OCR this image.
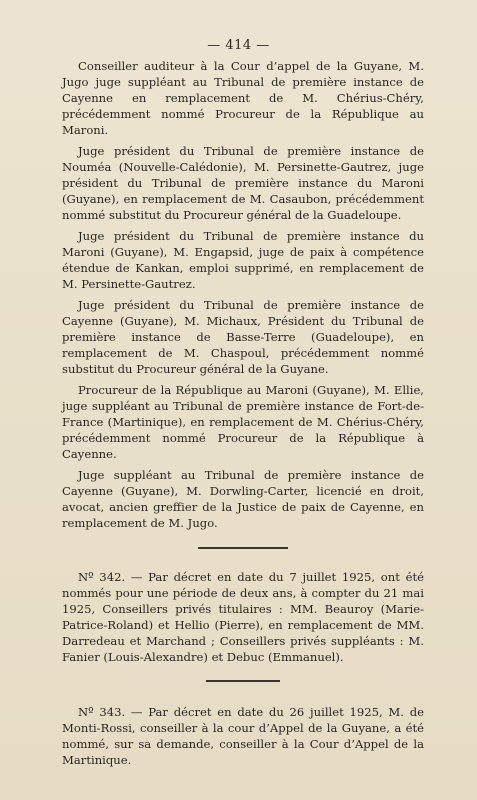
— 414 —

Conseiller auditeur à la Cour d’appel de la Guyane, M. Jugo juge suppléant au Tribunal de première instance de Cayenne en remplacement de M. Chérius-Chéry, précédemment nommé Procureur de la République au Maroni.

Juge président du Tribunal de première instance de Nouméa (Nouvelle-Calédonie), M. Persinette-Gautrez, juge président du Tribunal de première instance du Maroni (Guyane), en remplacement de M. Casaubon, précédemment nommé substitut du Procureur général de la Guadeloupe.

Juge président du Tribunal de première instance du Maroni (Guyane), M. Engapsid, juge de paix à compétence étendue de Kankan, emploi supprimé, en remplacement de M. Persinette-Gautrez.

Juge président du Tribunal de première instance de Cayenne (Guyane), M. Michaux, Président du Tribunal de première instance de Basse-Terre (Guadeloupe), en remplacement de M. Chaspoul, précédemment nommé substitut du Procureur général de la Guyane.

Procureur de la République au Maroni (Guyane), M. Ellie, juge suppléant au Tribunal de première instance de Fort-de-France (Martinique), en remplacement de M. Chérius-Chéry, précédemment nommé Procureur de la République à Cayenne.

Juge suppléant au Tribunal de première instance de Cayenne (Guyane), M. Dorwling-Carter, licencié en droit, avocat, ancien greffier de la Justice de paix de Cayenne, en remplacement de M. Jugo.

Nº 342. — Par décret en date du 7 juillet 1925, ont été nommés pour une période de deux ans, à compter du 21 mai 1925, Conseillers privés titulaires : MM. Beauroy (Marie-Patrice-Roland) et Hellio (Pierre), en remplacement de MM. Darredeau et Marchand ; Conseillers privés suppléants : M. Fanier (Louis-Alexandre) et Debuc (Emmanuel).

Nº 343. — Par décret en date du 26 juillet 1925, M. de Monti-Rossi, conseiller à la cour d’Appel de la Guyane, a été nommé, sur sa demande, conseiller à la Cour d’Appel de la Martinique.
